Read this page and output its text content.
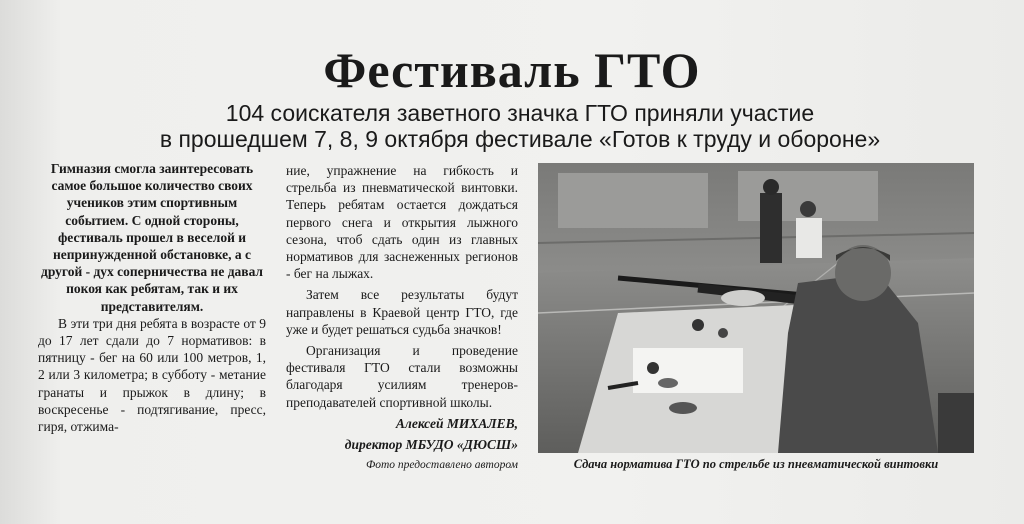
Фестиваль ГТО
104 соискателя заветного значка ГТО приняли участие
в прошедшем 7, 8, 9 октября фестивале «Готов к труду и обороне»

Гимназия смогла заинтересовать самое большое количество своих учеников этим спортивным событием. С одной стороны, фестиваль прошел в веселой и непринужденной обстановке, а с другой - дух соперничества не давал покоя как ребятам, так и их представителям.

В эти три дня ребята в возрасте от 9 до 17 лет сдали до 7 нормативов: в пятницу - бег на 60 или 100 метров, 1, 2 или 3 километра; в субботу - метание гранаты и прыжок в длину; в воскресенье - подтягивание, пресс, гиря, отжима-

ние, упражнение на гибкость и стрельба из пневматической винтовки. Теперь ребятам остается дождаться первого снега и открытия лыжного сезона, чтоб сдать один из главных нормативов для заснеженных регионов - бег на лыжах.

Затем все результаты будут направлены в Краевой центр ГТО, где уже и будет решаться судьба значков!

Организация и проведение фестиваля ГТО стали возможны благодаря усилиям тренеров-преподавателей спортивной школы.

Алексей МИХАЛЕВ,

директор МБУДО «ДЮСШ»

Фото предоставлено автором	Сдача норматива ГТО по стрельбе из пневматической винтовки
